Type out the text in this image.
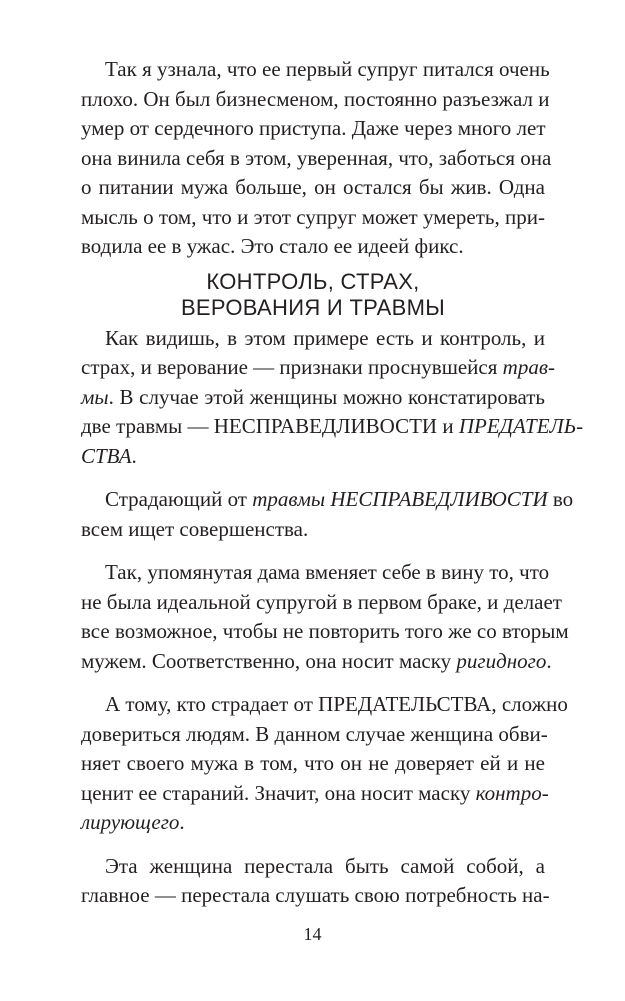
Так я узнала, что ее первый супруг питался очень
плохо. Он был бизнесменом, постоянно разъезжал и
умер от сердечного приступа. Даже через много лет
она винила себя в этом, уверенная, что, заботься она
о питании мужа больше, он остался бы жив. Одна
мысль о том, что и этот супруг может умереть, при-
водила ее в ужас. Это стало ее идеей фикс.
КОНТРОЛЬ, СТРАХ,
ВЕРОВАНИЯ И ТРАВМЫ
Как видишь, в этом примере есть и контроль, и
страх, и верование — признаки проснувшейся трав-
мы. В случае этой женщины можно констатировать
две травмы — НЕСПРАВЕДЛИВОСТИ и ПРЕДАТЕЛЬ-
СТВА.
Страдающий от травмы НЕСПРАВЕДЛИВОСТИ во
всем ищет совершенства.
Так, упомянутая дама вменяет себе в вину то, что
не была идеальной супругой в первом браке, и делает
все возможное, чтобы не повторить того же со вторым
мужем. Соответственно, она носит маску ригидного.
А тому, кто страдает от ПРЕДАТЕЛЬСТВА, сложно
довериться людям. В данном случае женщина обви-
няет своего мужа в том, что он не доверяет ей и не
ценит ее стараний. Значит, она носит маску контро-
лирующего.
Эта женщина перестала быть самой собой, а
главное — перестала слушать свою потребность на-
14
